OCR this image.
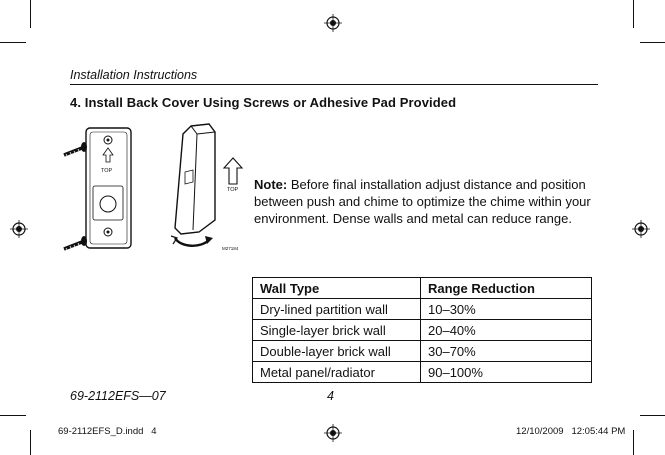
Installation Instructions
4. Install Back Cover Using Screws or Adhesive Pad Provided
TOP
TOP
M27184
Note: Before final installation adjust distance and position between push and chime to optimize the chime within your environment. Dense walls and metal can reduce range.
Wall Type	Range Reduction
Dry-lined partition wall	10–30%
Single-layer brick wall	20–40%
Double-layer brick wall	30–70%
Metal panel/radiator	90–100%
69-2112EFS—07	4
69-2112EFS_D.indd   4	12/10/2009   12:05:44 PM
